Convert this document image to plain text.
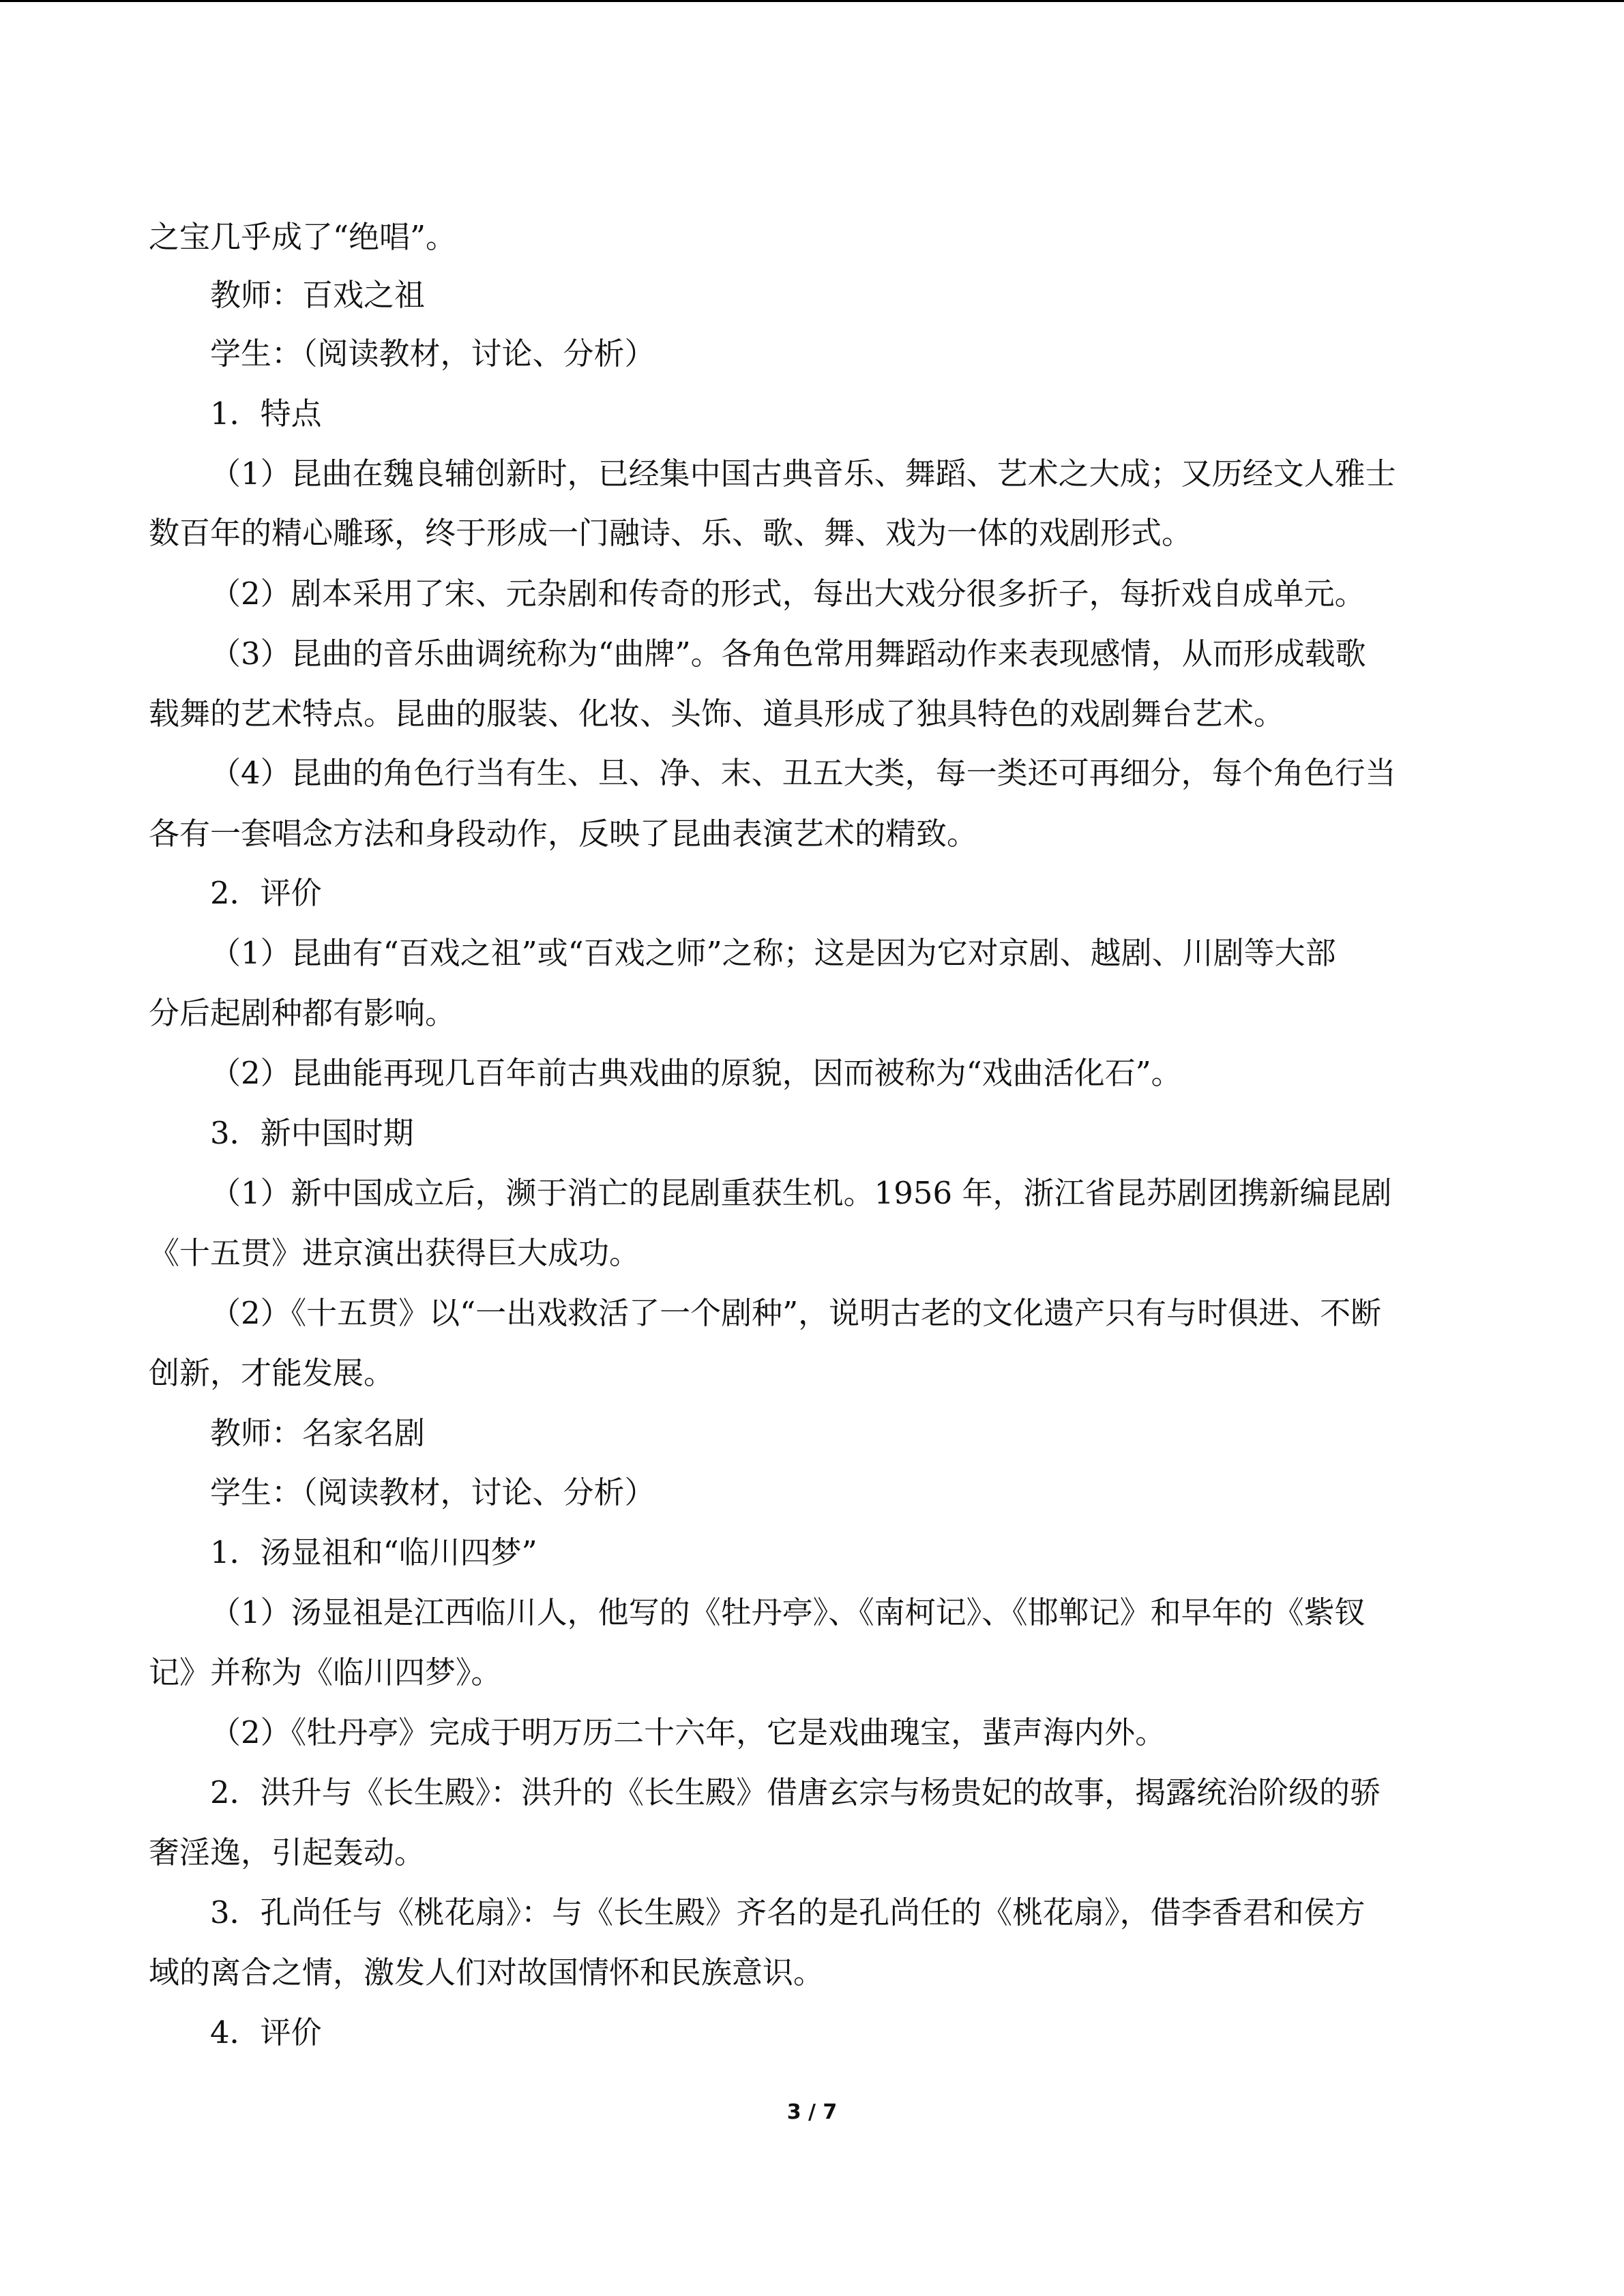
之宝几乎成了“绝唱”。
教师：百戏之祖
学生：（阅读教材，讨论、分析）
1．特点
（1）昆曲在魏良辅创新时，已经集中国古典音乐、舞蹈、艺术之大成；又历经文人雅士
数百年的精心雕琢，终于形成一门融诗、乐、歌、舞、戏为一体的戏剧形式。
（2）剧本采用了宋、元杂剧和传奇的形式，每出大戏分很多折子，每折戏自成单元。
（3）昆曲的音乐曲调统称为“曲牌”。各角色常用舞蹈动作来表现感情，从而形成载歌
载舞的艺术特点。昆曲的服装、化妆、头饰、道具形成了独具特色的戏剧舞台艺术。
（4）昆曲的角色行当有生、旦、净、末、丑五大类，每一类还可再细分，每个角色行当
各有一套唱念方法和身段动作，反映了昆曲表演艺术的精致。
2．评价
（1）昆曲有“百戏之祖”或“百戏之师”之称；这是因为它对京剧、越剧、川剧等大部
分后起剧种都有影响。
（2）昆曲能再现几百年前古典戏曲的原貌，因而被称为“戏曲活化石”。
3．新中国时期
（1）新中国成立后，濒于消亡的昆剧重获生机。1956 年，浙江省昆苏剧团携新编昆剧
《十五贯》进京演出获得巨大成功。
（2）《十五贯》以“一出戏救活了一个剧种”，说明古老的文化遗产只有与时俱进、不断
创新，才能发展。
教师：名家名剧
学生：（阅读教材，讨论、分析）
1．汤显祖和“临川四梦”
（1）汤显祖是江西临川人，他写的《牡丹亭》、《南柯记》、《邯郸记》和早年的《紫钗
记》并称为《临川四梦》。
（2）《牡丹亭》完成于明万历二十六年，它是戏曲瑰宝，蜚声海内外。
2．洪升与《长生殿》：洪升的《长生殿》借唐玄宗与杨贵妃的故事，揭露统治阶级的骄
奢淫逸，引起轰动。
3．孔尚任与《桃花扇》：与《长生殿》齐名的是孔尚任的《桃花扇》，借李香君和侯方
域的离合之情，激发人们对故国情怀和民族意识。
4．评价
3 / 7
